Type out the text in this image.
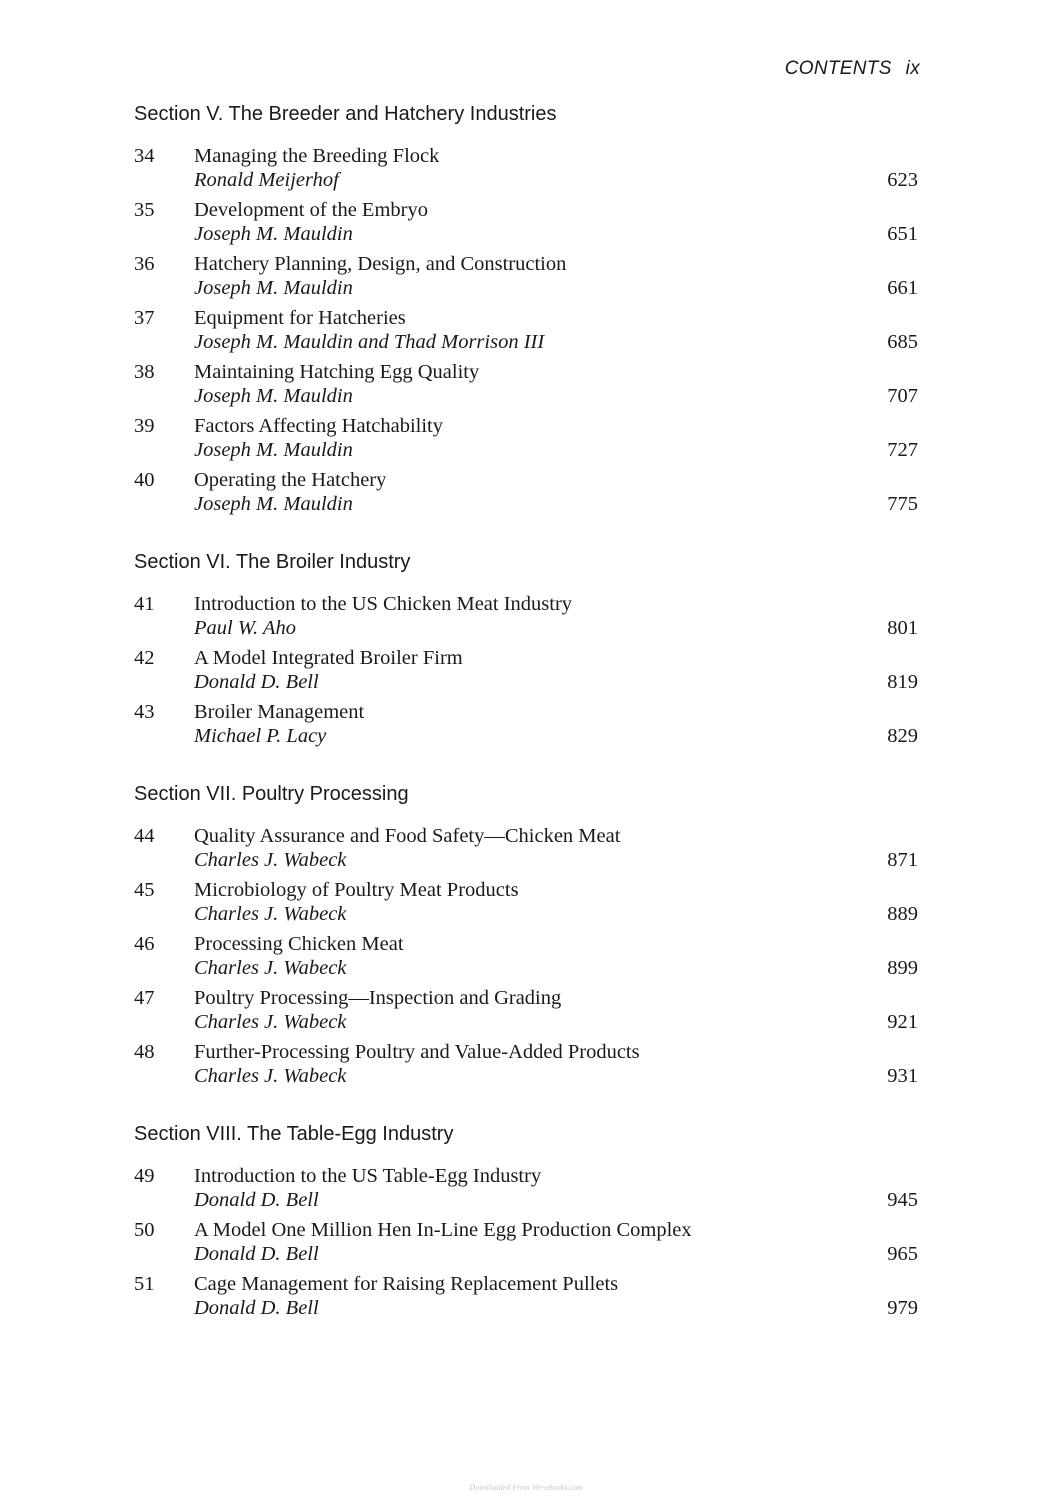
CONTENTS ix
Section V. The Breeder and Hatchery Industries
34	Managing the Breeding Flock
Ronald Meijerhof	623
35	Development of the Embryo
Joseph M. Mauldin	651
36	Hatchery Planning, Design, and Construction
Joseph M. Mauldin	661
37	Equipment for Hatcheries
Joseph M. Mauldin and Thad Morrison III	685
38	Maintaining Hatching Egg Quality
Joseph M. Mauldin	707
39	Factors Affecting Hatchability
Joseph M. Mauldin	727
40	Operating the Hatchery
Joseph M. Mauldin	775
Section VI. The Broiler Industry
41	Introduction to the US Chicken Meat Industry
Paul W. Aho	801
42	A Model Integrated Broiler Firm
Donald D. Bell	819
43	Broiler Management
Michael P. Lacy	829
Section VII. Poultry Processing
44	Quality Assurance and Food Safety—Chicken Meat
Charles J. Wabeck	871
45	Microbiology of Poultry Meat Products
Charles J. Wabeck	889
46	Processing Chicken Meat
Charles J. Wabeck	899
47	Poultry Processing—Inspection and Grading
Charles J. Wabeck	921
48	Further-Processing Poultry and Value-Added Products
Charles J. Wabeck	931
Section VIII. The Table-Egg Industry
49	Introduction to the US Table-Egg Industry
Donald D. Bell	945
50	A Model One Million Hen In-Line Egg Production Complex
Donald D. Bell	965
51	Cage Management for Raising Replacement Pullets
Donald D. Bell	979
Downloaded From Vet-eBooks.com
